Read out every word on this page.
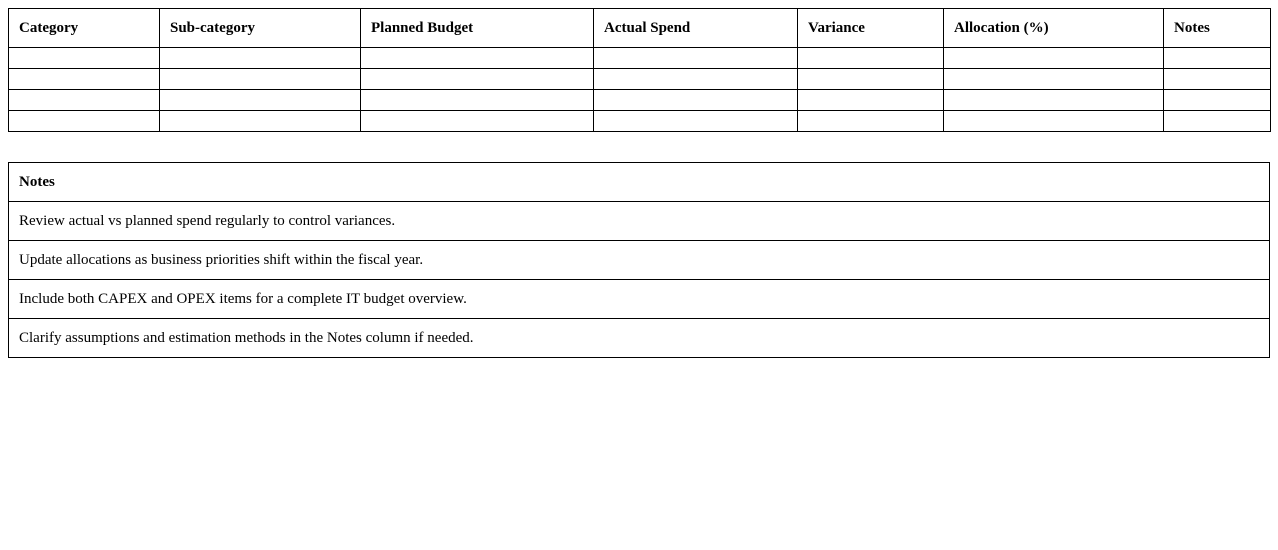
Category	Sub-category	Planned Budget	Actual Spend	Variance	Allocation (%)	Notes

Notes
Review actual vs planned spend regularly to control variances.
Update allocations as business priorities shift within the fiscal year.
Include both CAPEX and OPEX items for a complete IT budget overview.
Clarify assumptions and estimation methods in the Notes column if needed.
